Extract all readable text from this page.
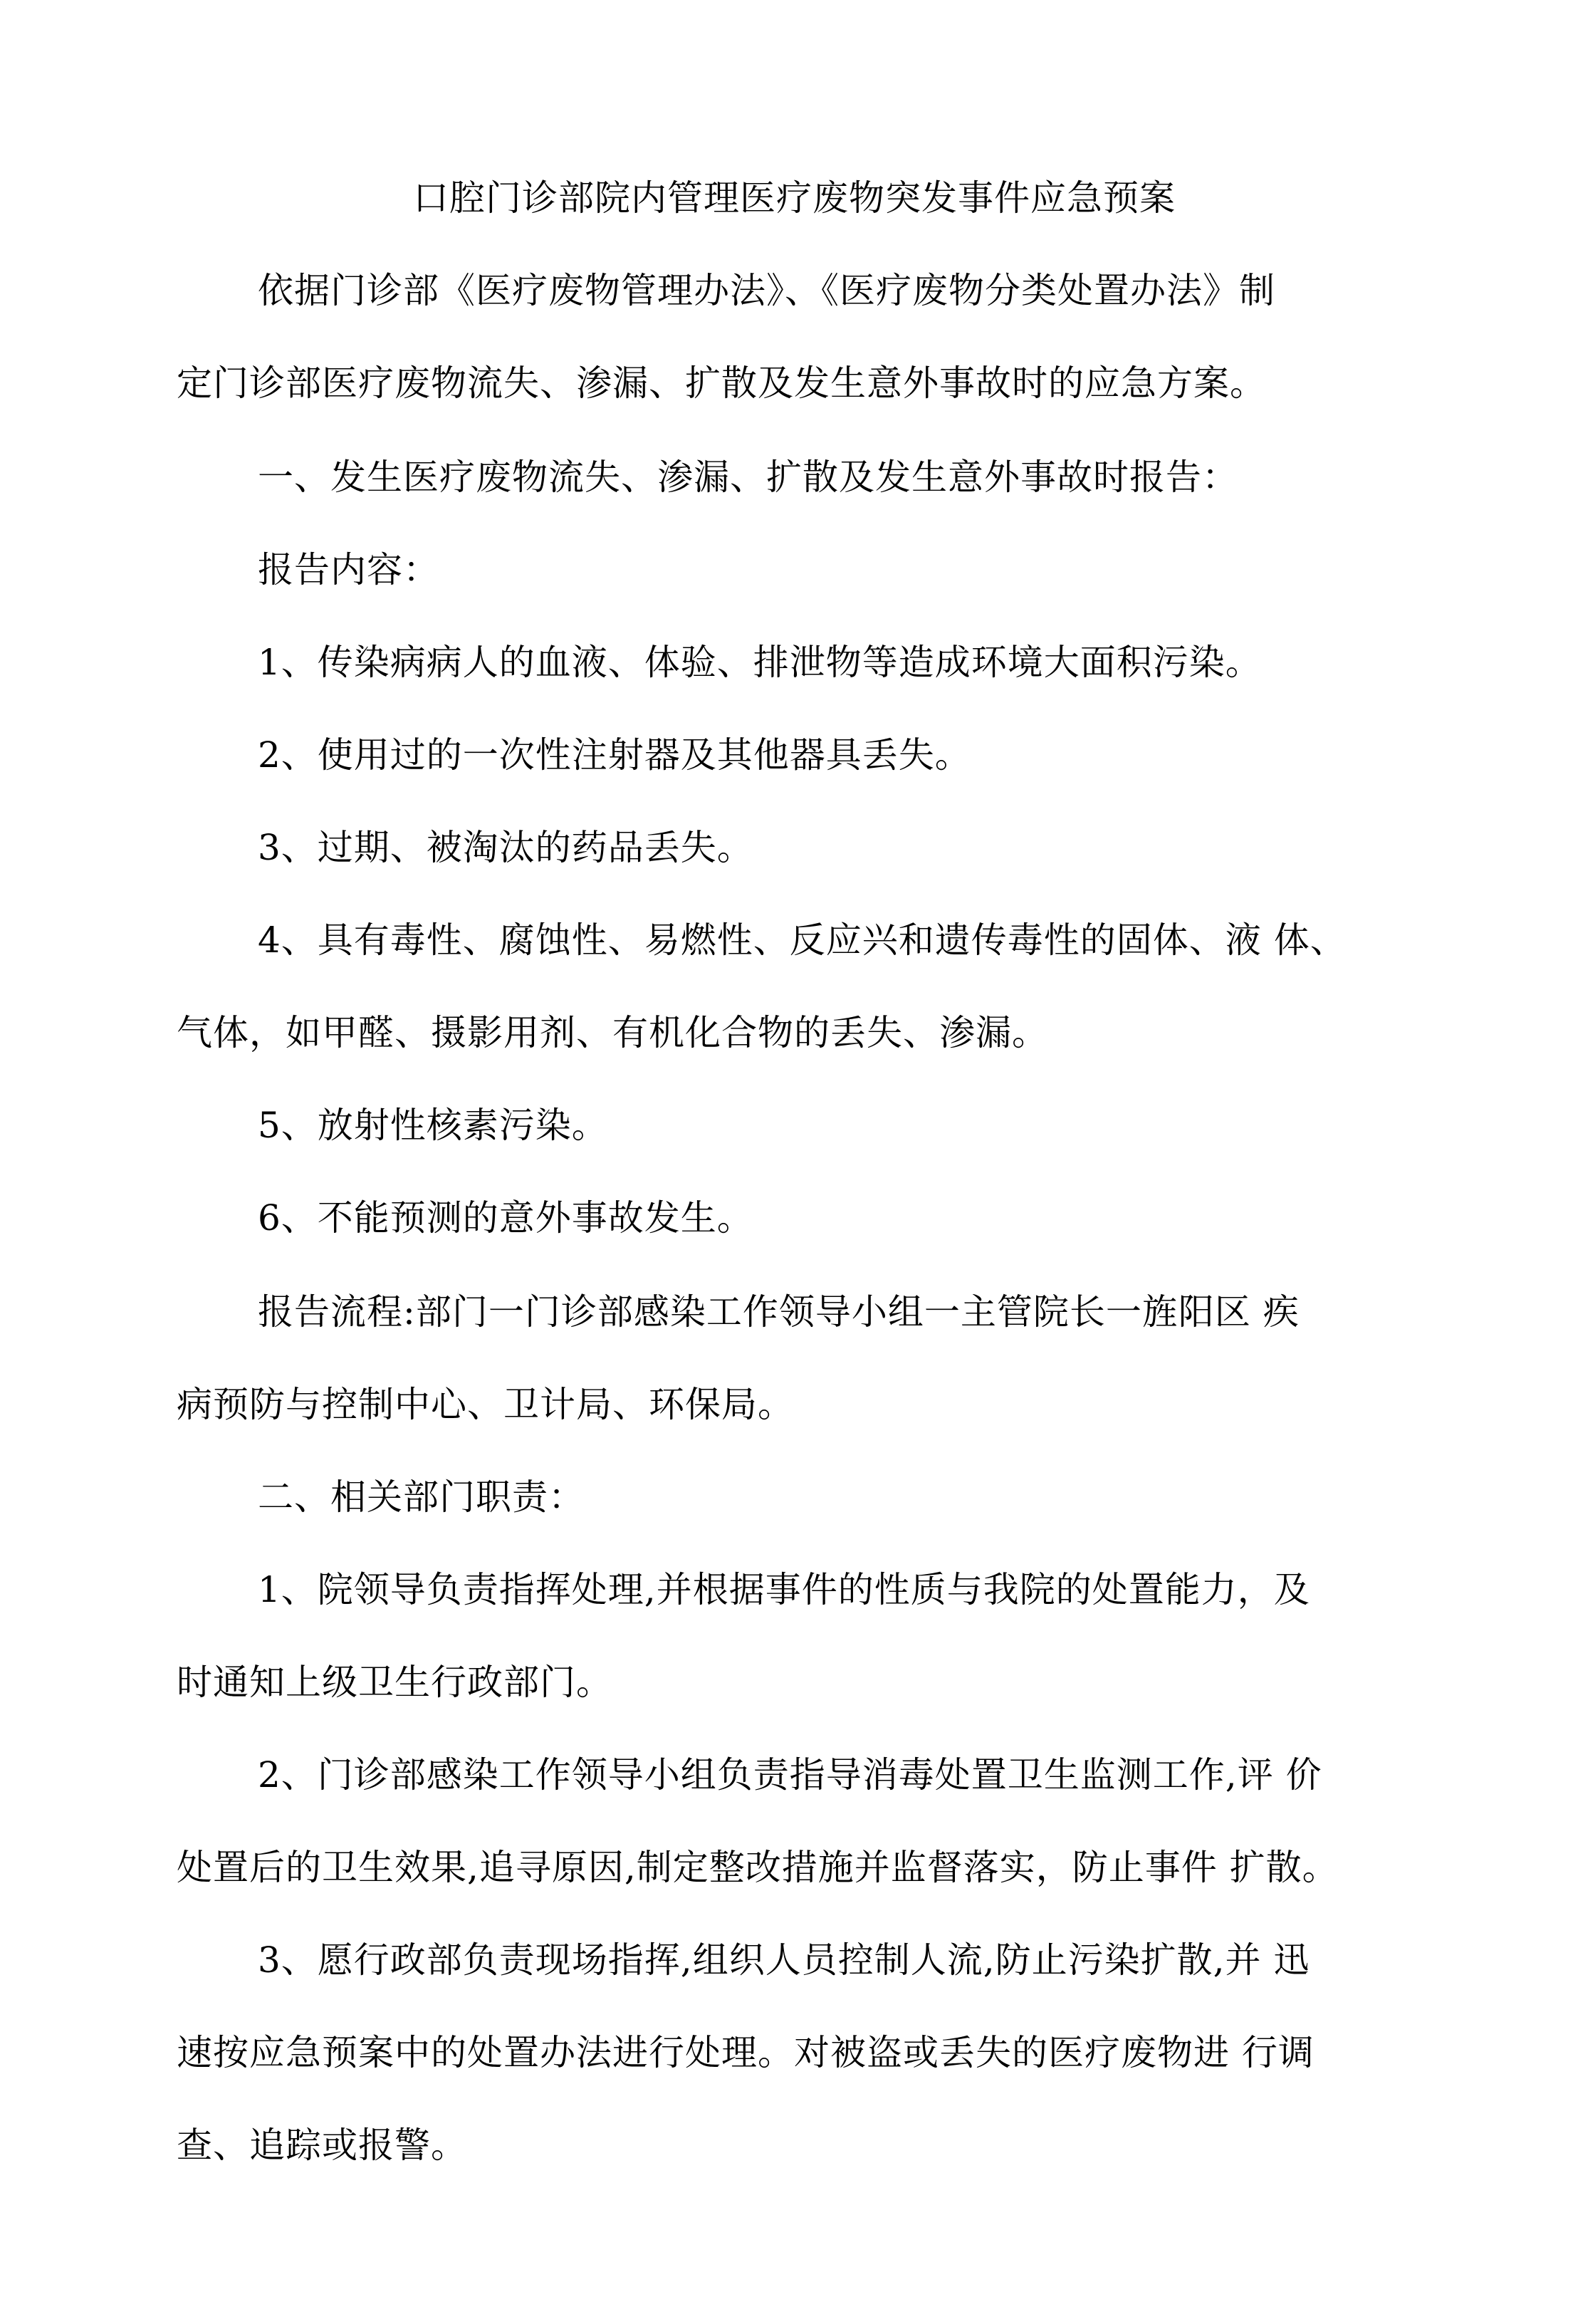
口腔门诊部院内管理医疗废物突发事件应急预案
依据门诊部《医疗废物管理办法》、《医疗废物分类处置办法》制
定门诊部医疗废物流失、渗漏、扩散及发生意外事故时的应急方案。
一、发生医疗废物流失、渗漏、扩散及发生意外事故时报告：
报告内容：
1、传染病病人的血液、体验、排泄物等造成环境大面积污染。
2、使用过的一次性注射器及其他器具丢失。
3、过期、被淘汰的药品丢失。
4、具有毒性、腐蚀性、易燃性、反应兴和遗传毒性的固体、液 体、
气体，如甲醛、摄影用剂、有机化合物的丢失、渗漏。
5、放射性核素污染。
6、不能预测的意外事故发生。
报告流程:部门一门诊部感染工作领导小组一主管院长一旌阳区 疾
病预防与控制中心、卫计局、环保局。
二、相关部门职责：
1、院领导负责指挥处理,并根据事件的性质与我院的处置能力，及
时通知上级卫生行政部门。
2、门诊部感染工作领导小组负责指导消毒处置卫生监测工作,评 价
处置后的卫生效果,追寻原因,制定整改措施并监督落实，防止事件 扩散。
3、愿行政部负责现场指挥,组织人员控制人流,防止污染扩散,并 迅
速按应急预案中的处置办法进行处理。对被盗或丢失的医疗废物进 行调
查、追踪或报警。
